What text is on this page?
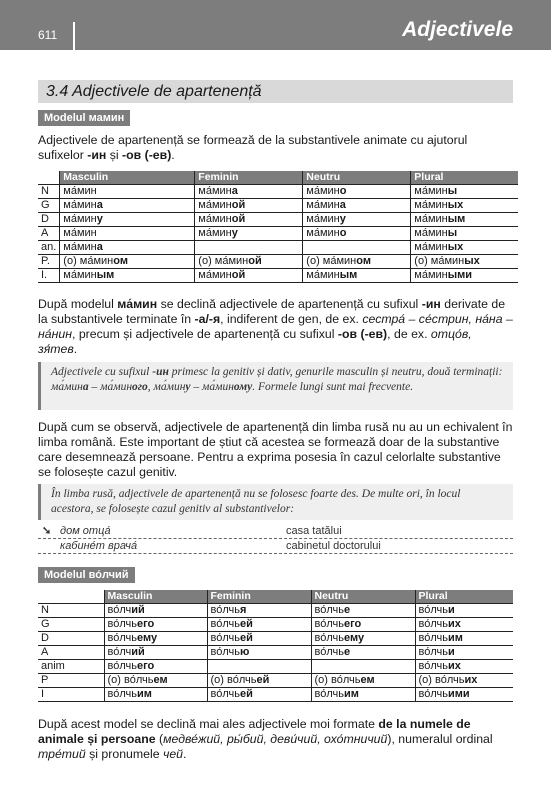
611	Adjectivele
3.4 Adjectivele de apartenență
Modelul мамин
Adjectivele de apartenență se formează de la substantivele animate cu ajutorul sufixelor -ин și -ов (-ев).
	Masculin	Feminin	Neutru	Plural
N	ма́мин	ма́мина	ма́мино	ма́мины
G	ма́мина	ма́миной	ма́мина	ма́миных
D	ма́мину	ма́миной	ма́мину	ма́миным
A	ма́мин	ма́мину	ма́мино	ма́мины
an.	ма́мина			ма́миных
P.	(о) ма́мином	(о) ма́миной	(о) ма́мином	(о) ма́миных
I.	ма́миным	ма́миной	ма́миным	ма́миными
După modelul ма́мин se declină adjectivele de apartenență cu sufixul -ин derivate de la substantivele terminate în -а/-я, indiferent de gen, de ex. сестра́ – се́стрин, на́на – на́нин, precum și adjectivele de apartenență cu sufixul -ов (-ев), de ex. отцо́в, зя́тев.
Adjectivele cu sufixul -ин primesc la genitiv și dativ, genurile masculin și neutru, două terminații: ма́мина – ма́миного, ма́мину – ма́миному. Formele lungi sunt mai frecvente.
După cum se observă, adjectivele de apartenență din limba rusă nu au un echivalent în limba română. Este important de știut că acestea se formează doar de la substantive care desemnează persoane. Pentru a exprima posesia în cazul celorlalte substantive se folosește cazul genitiv.
În limba rusă, adjectivele de apartenență nu se folosesc foarte des. De multe ori, în locul acestora, se folosește cazul genitiv al substantivelor:
➘ дом отца́	casa tatălui
кабине́т врача́	cabinetul doctorului
Modelul во́лчий
	Masculin	Feminin	Neutru	Plural
N	во́лчий	во́лчья	во́лчье	во́лчьи
G	во́лчьего	во́лчьей	во́лчьего	во́лчьих
D	во́лчьему	во́лчьей	во́лчьему	во́лчьим
A	во́лчий	во́лчью	во́лчье	во́лчьи
anim	во́лчьего			во́лчьих
P	(о) во́лчьем	(о) во́лчьей	(о) во́лчьем	(о) во́лчьих
I	во́лчьим	во́лчьей	во́лчьим	во́лчьими
După acest model se declină mai ales adjectivele moi formate de la numele de animale și persoane (медве́жий, ры́бий, деви́чий, охо́тничий), numeralul ordinal тре́тий și pronumele чей.
